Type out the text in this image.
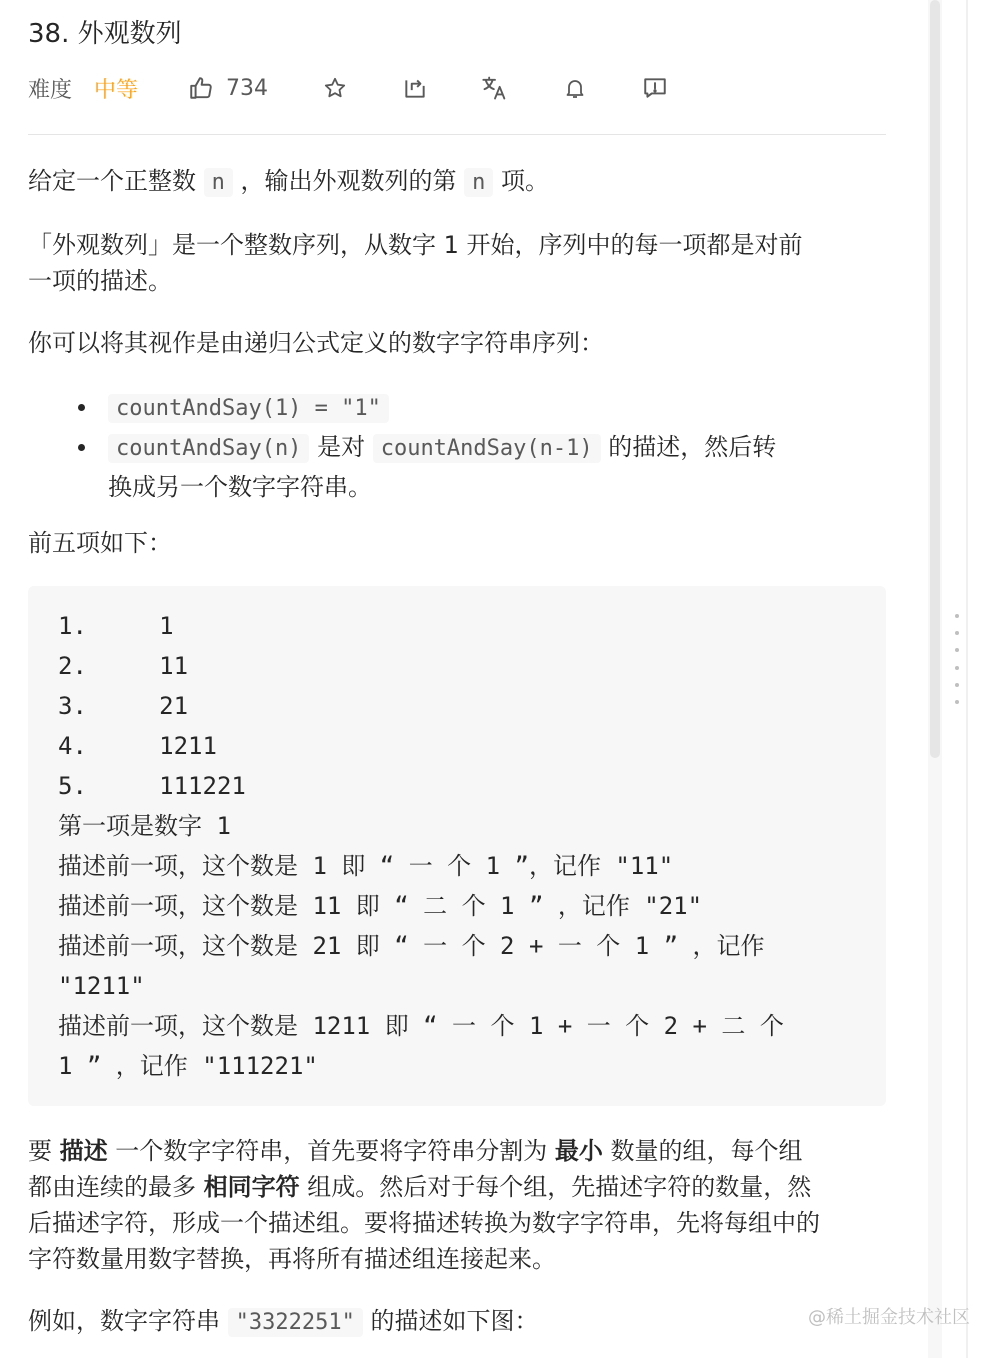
38. 外观数列
难度 中等	734

给定一个正整数 n ，输出外观数列的第 n 项。

「外观数列」是一个整数序列，从数字 1 开始，序列中的每一项都是对前
一项的描述。

你可以将其视作是由递归公式定义的数字字符串序列：

countAndSay(1) = "1"
countAndSay(n) 是对 countAndSay(n-1) 的描述，然后转
换成另一个数字字符串。

前五项如下：

1.     1
2.     11
3.     21
4.     1211
5.     111221
第一项是数字 1
描述前一项，这个数是 1 即 “ 一 个 1 ”，记作 "11"
描述前一项，这个数是 11 即 “ 二 个 1 ” ，记作 "21"
描述前一项，这个数是 21 即 “ 一 个 2 + 一 个 1 ” ，记作
"1211"
描述前一项，这个数是 1211 即 “ 一 个 1 + 一 个 2 + 二 个
1 ” ，记作 "111221"

要 描述 一个数字字符串，首先要将字符串分割为 最小 数量的组，每个组
都由连续的最多 相同字符 组成。然后对于每个组，先描述字符的数量，然
后描述字符，形成一个描述组。要将描述转换为数字字符串，先将每组中的
字符数量用数字替换，再将所有描述组连接起来。

例如，数字字符串 "3322251" 的描述如下图：	@稀土掘金技术社区
